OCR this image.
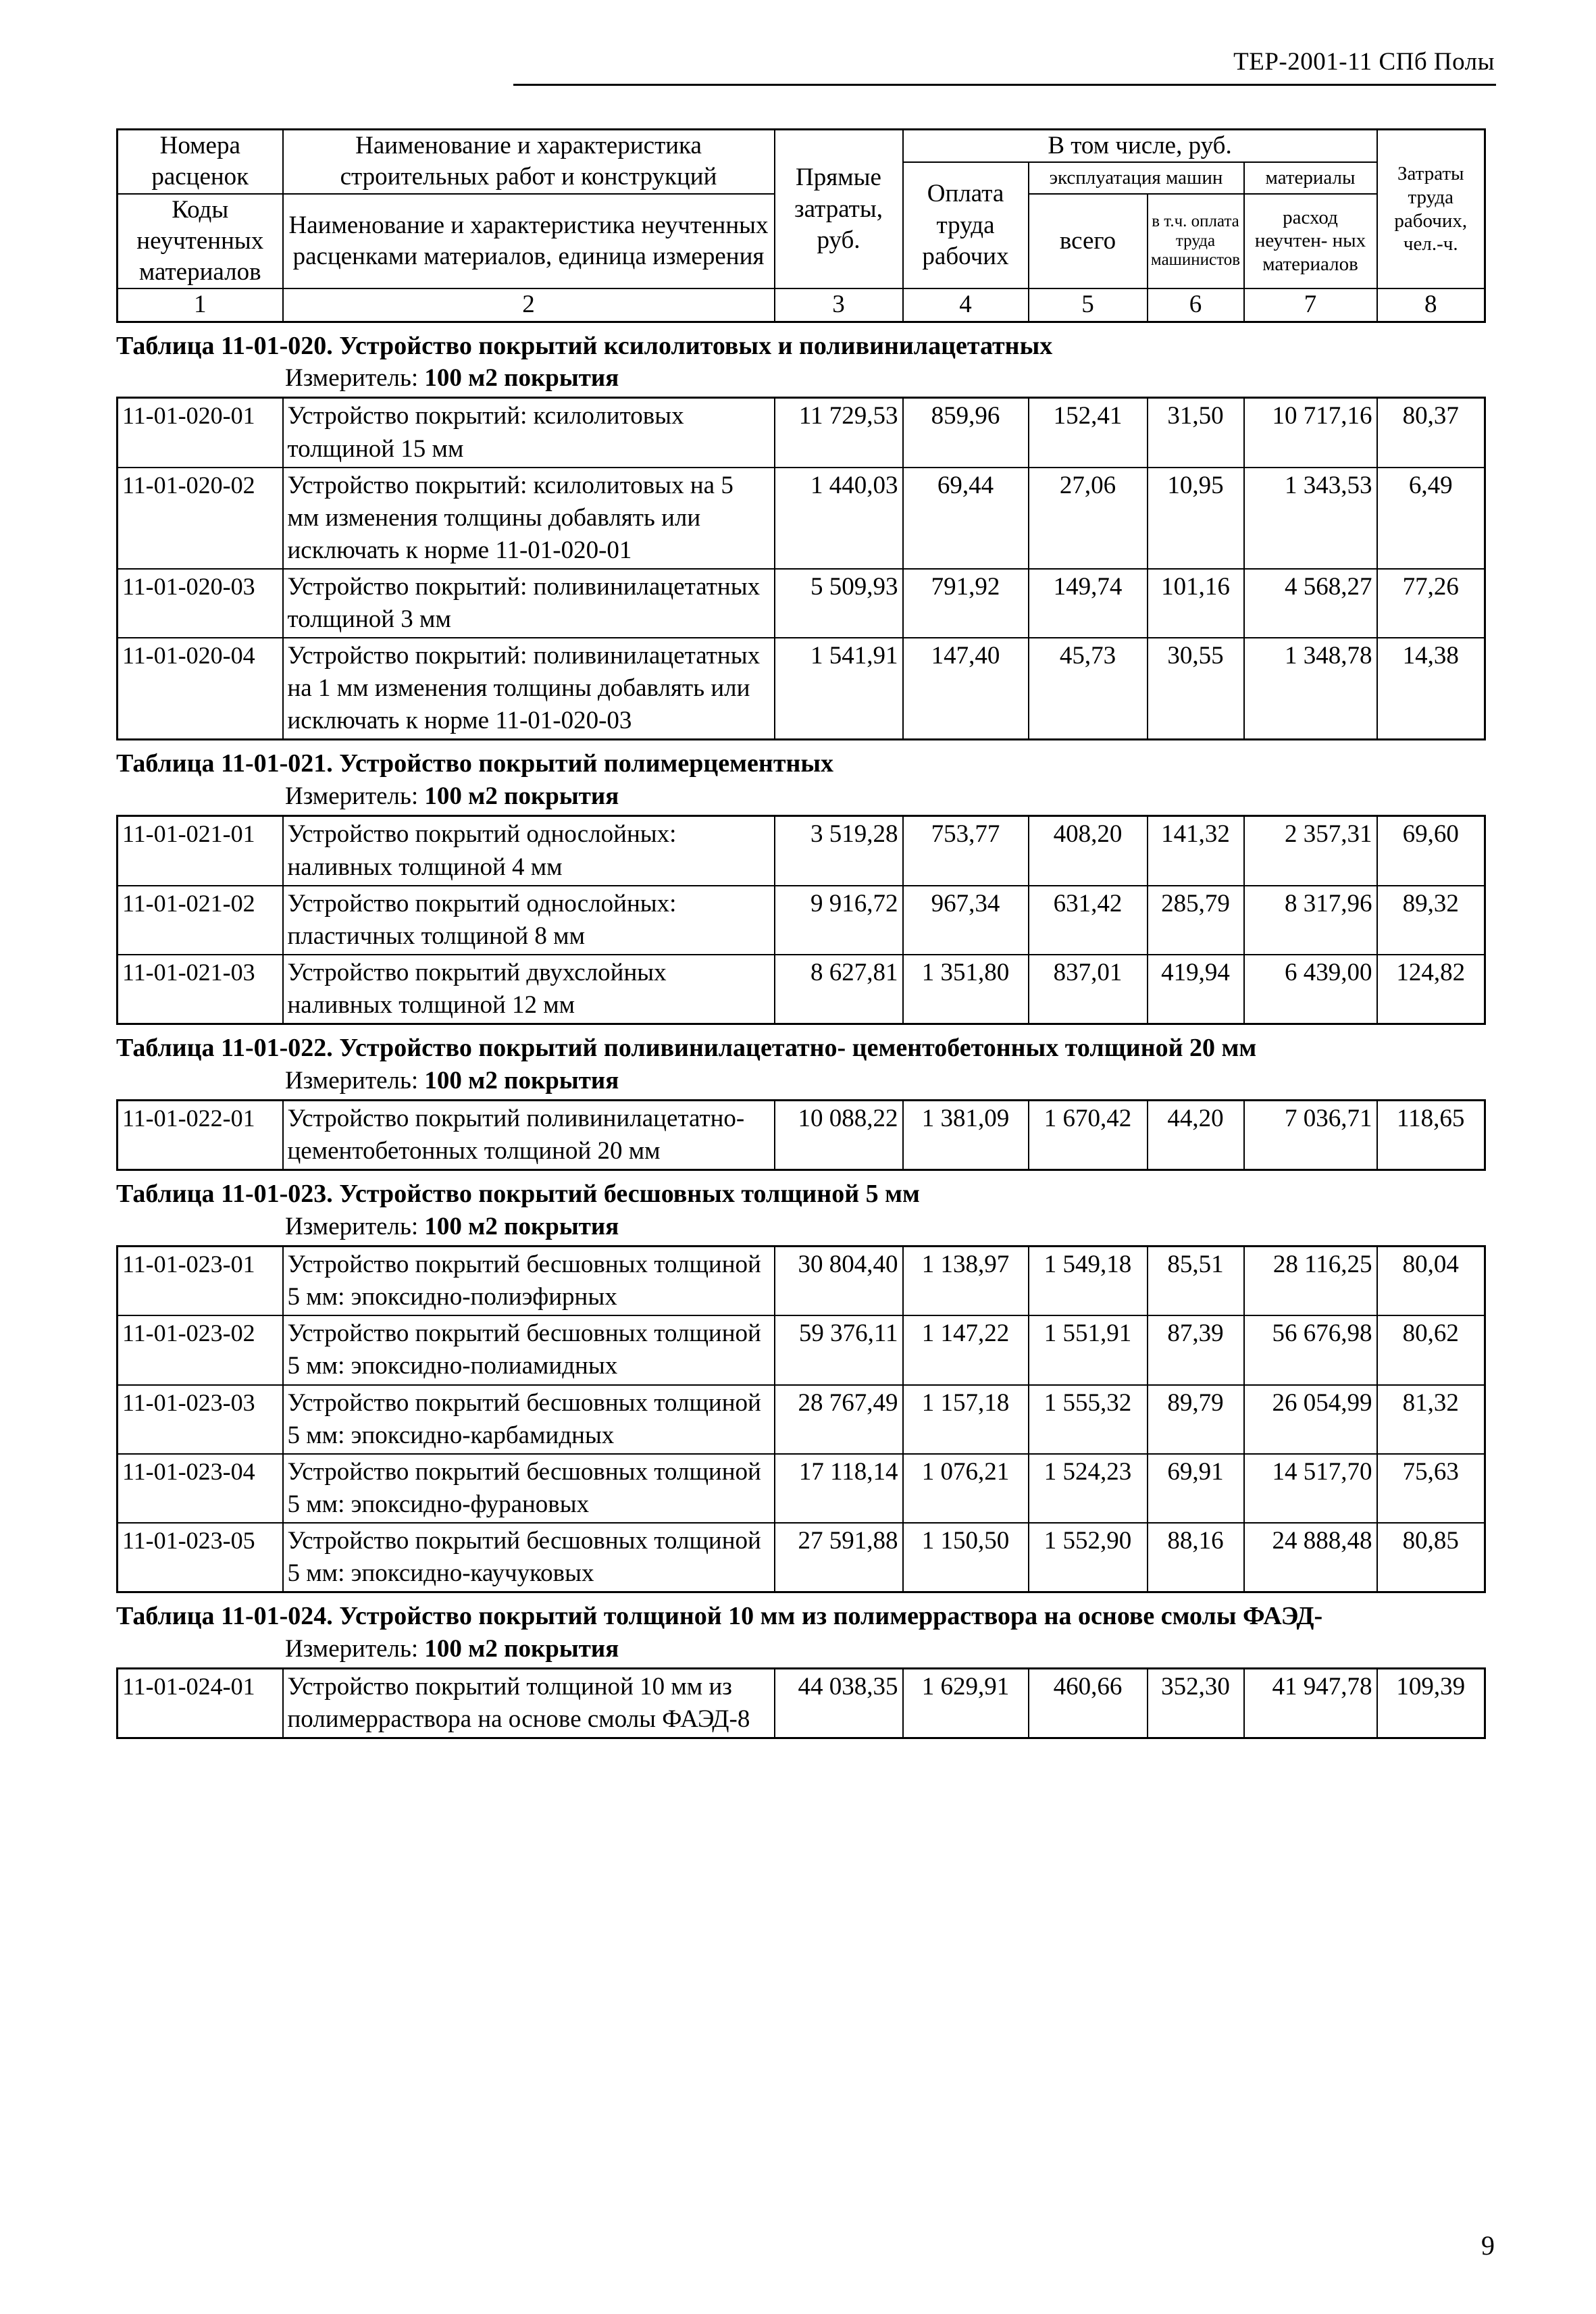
ТЕР-2001-11 СПб Полы
Номера расценок	Наименование и характеристика строительных работ и конструкций	Прямые затраты, руб.	В том числе, руб.				Затраты труда рабочих, чел.-ч.
			Оплата труда рабочих	эксплуатация машин		материалы	
Коды неучтенных материалов	Наименование и характеристика неучтенных расценками материалов, единица измерения			всего	в т.ч. оплата труда машинистов	расход неучтен- ных материалов	

1	2	3	4	5	6	7	8
Таблица 11-01-020. Устройство покрытий ксилолитовых и поливинилацетатных
Измеритель: 100 м2 покрытия
11-01-020-01	Устройство покрытий: ксилолитовых толщиной 15 мм	11 729,53	859,96	152,41	31,50	10 717,16	80,37
11-01-020-02	Устройство покрытий: ксилолитовых на 5 мм изменения толщины добавлять или исключать к норме 11-01-020-01	1 440,03	69,44	27,06	10,95	1 343,53	6,49
11-01-020-03	Устройство покрытий: поливинилацетатных толщиной 3 мм	5 509,93	791,92	149,74	101,16	4 568,27	77,26
11-01-020-04	Устройство покрытий: поливинилацетатных на 1 мм изменения толщины добавлять или исключать к норме 11-01-020-03	1 541,91	147,40	45,73	30,55	1 348,78	14,38
Таблица 11-01-021. Устройство покрытий полимерцементных
Измеритель: 100 м2 покрытия
11-01-021-01	Устройство покрытий однослойных: наливных толщиной 4 мм	3 519,28	753,77	408,20	141,32	2 357,31	69,60
11-01-021-02	Устройство покрытий однослойных: пластичных толщиной 8 мм	9 916,72	967,34	631,42	285,79	8 317,96	89,32
11-01-021-03	Устройство покрытий двухслойных наливных толщиной 12 мм	8 627,81	1 351,80	837,01	419,94	6 439,00	124,82
Таблица 11-01-022. Устройство покрытий поливинилацетатно- цементобетонных толщиной 20 мм
Измеритель: 100 м2 покрытия
11-01-022-01	Устройство покрытий поливинилацетатно-цементобетонных толщиной 20 мм	10 088,22	1 381,09	1 670,42	44,20	7 036,71	118,65
Таблица 11-01-023. Устройство покрытий бесшовных толщиной 5 мм
Измеритель: 100 м2 покрытия
11-01-023-01	Устройство покрытий бесшовных толщиной 5 мм: эпоксидно-полиэфирных	30 804,40	1 138,97	1 549,18	85,51	28 116,25	80,04
11-01-023-02	Устройство покрытий бесшовных толщиной 5 мм: эпоксидно-полиамидных	59 376,11	1 147,22	1 551,91	87,39	56 676,98	80,62
11-01-023-03	Устройство покрытий бесшовных толщиной 5 мм: эпоксидно-карбамидных	28 767,49	1 157,18	1 555,32	89,79	26 054,99	81,32
11-01-023-04	Устройство покрытий бесшовных толщиной 5 мм: эпоксидно-фурановых	17 118,14	1 076,21	1 524,23	69,91	14 517,70	75,63
11-01-023-05	Устройство покрытий бесшовных толщиной 5 мм: эпоксидно-каучуковых	27 591,88	1 150,50	1 552,90	88,16	24 888,48	80,85
Таблица 11-01-024. Устройство покрытий толщиной 10 мм из полимерраствора на основе смолы ФАЭД-
Измеритель: 100 м2 покрытия
11-01-024-01	Устройство покрытий толщиной 10 мм из полимерраствора на основе смолы ФАЭД-8	44 038,35	1 629,91	460,66	352,30	41 947,78	109,39
9
